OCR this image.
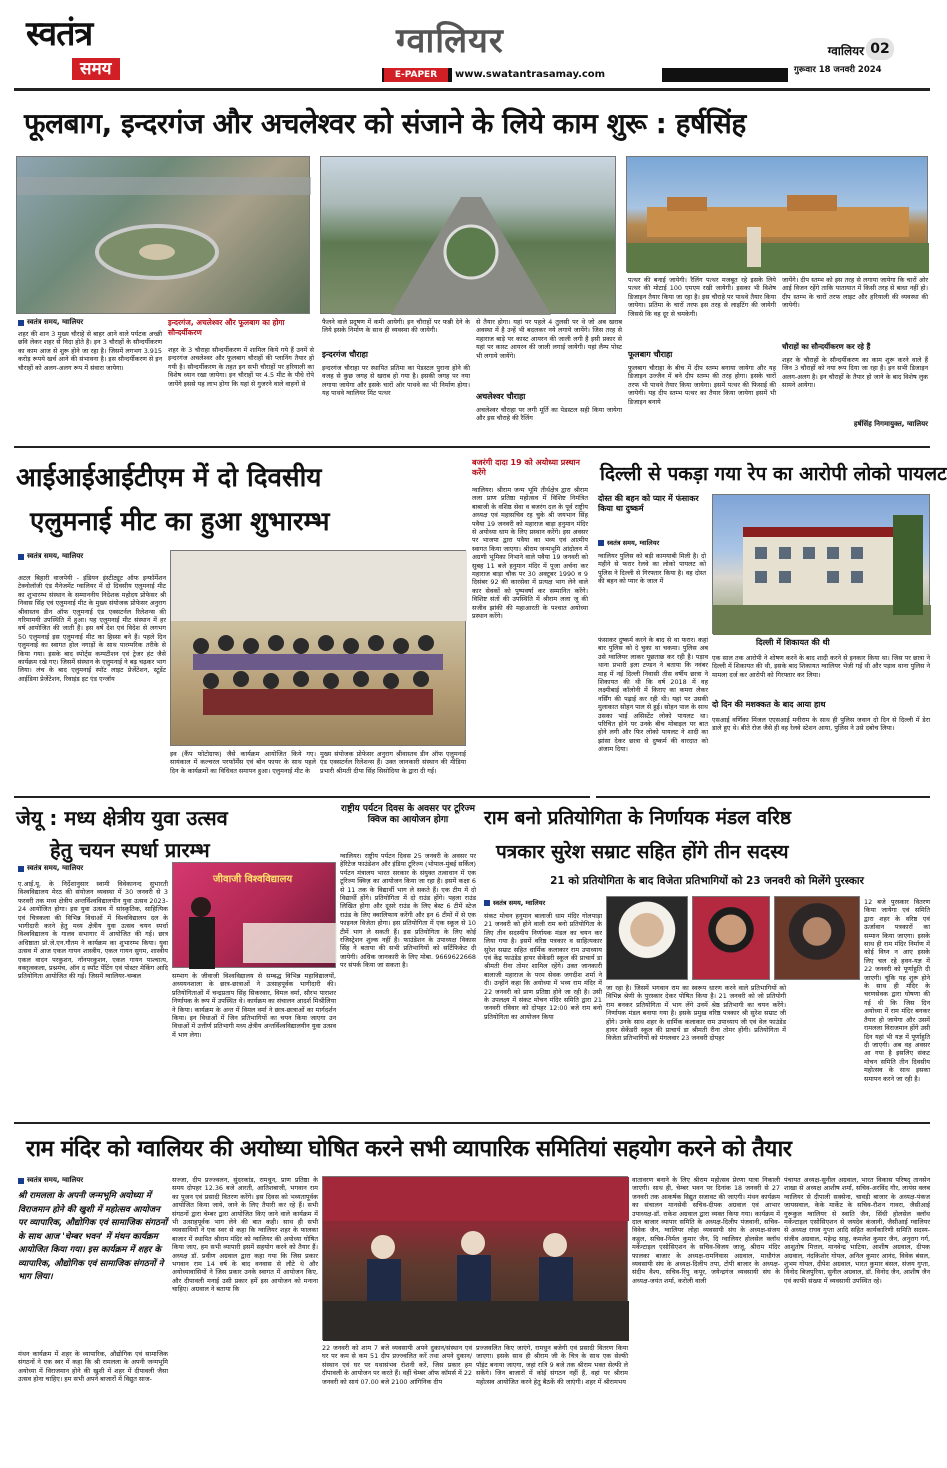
स्वतंत्र
समय
ग्वालियर
E-PAPER	www.swatantrasamay.com
ग्वालियर 02
गुरूवार 18 जनवरी 2024
फूलबाग, इन्दरगंज और अचलेश्वर को संजाने के लिये काम शुरू : हर्षसिंह
स्वतंत्र समय, ग्वालियर
शहर की शान 3 मुख्य चौराहे से बाहर आने वाले पर्यटक अच्छी छवि लेकर शहर से विदा होते है। इन 3 चौराहों के सौन्दर्यीकरण का काम आज से शुरू होने जा रहा है। जिसमें लगभग 3.915 करोड़ रूपये खर्च आने की संभावना है। इस सौन्दर्यीकरण से इन चौराहों को अलग-अलग रूप में संवारा जायेगा।
इन्दरगंज, अचलेश्वर और फूलबाग का होगा सौन्दर्यीकरण
शहर के 3 चौराहा सौन्दर्यीकरण में शामिल किये गये हैं उनमें से इन्दरगंज अचलेश्वर और फूलबाग चौराहों की प्लानिंग तैयार हो गयी है। सौन्दर्यीकरण के तहत इन सभी चौराहों पर हरियाली का विशेष ध्यान रखा जायेगा। इन चौराहों पर 4.5 मीट के पौधे रोपे जायेंगे इससे यह लाभ होगा कि यहां से गुजरने वाले वाहनों से
फैलने वाले प्रदूषण में कमी आयेगी। इन चौराहों पर फन्नी देने के लिये इसके निर्माण के साथ ही व्यवस्था की जायेगी।
इन्दरगंज चौराहा
इन्दरगंज चौराहा पर स्थापित प्रतिमा का पेडस्टल पुराना होने की वजह से कुछ जगह से खराब हो गया है। इसकी जगह पर नया लगाया जायेगा और इसके चारों ओर पाथवे का भी निर्माण होगा। यह पाथवे ग्वालियर मिंट पत्थर
से तैयार होगा। यहां पर पहले 4 तुलसी पर थे जो अब खराब अवस्था में है उन्हें भी बदलकर नये लगाये जायेंगे। जिस तरह से महाराज बाड़े पर कास्ट आयरन की जाली लगी है इसी प्रकार से यहां पर कास्ट आयरन की जाली लगाई जायेगी। यहां लैम्प पोस्ट भी लगाये जायेंगे।
अचलेश्वर चौराहा
अचलेश्वर चौराहा पर लगी मूर्ति का पेडस्टल सही किया जायेगा और इस चौराहे की रैलिंग
पत्थर की बनाई जायेगी। रैलिंग पत्थर मजबूत रहे इसके लिये पत्थर की मोटाई 100 एमएम रखी जायेगी। इसका भी विशेष डिजाइन तैयार किया जा रहा है। इस चौराहे पर पाथवे तैयार किया जायेगा। प्रतिमा के चारों तरफ इस तरह से लाइटिंग की जायेगी जिससे कि वह दूर से चमकेगी।
फूलबाग चौराहा
फूलबाग चौराहा के बीच में दीप स्तम्भ बनाया जायेगा और यह डिजाइन उज्जैन में बने दीप स्तम्भ की तरह होगा। इसके चारों तरफ भी पाथवे तैयार किया जायेगा। इसमें पत्थर की फिसाई की जायेगी। यह दीप स्तम्भ पत्थर का तैयार किया जायेगा इसमें भी डिजाइन बनाये
जायेंगे। दीप स्तम्भ को इस तरह से लगाया जायेगा कि चारों ओर आई विजन रहेंगे ताकि यातायात में किसी तरह से बाधा नहीं हो। दीप स्तम्भ के चारों तरफ लाइट और हरियाली की व्यवस्था की जायेगी।
चौराहों का सौन्दर्यीकरण कर रहे हैं
शहर के चौराहों के सौन्दर्यीकरण का काम शुरू करने वाले हैं जिन 3 चौराहों को नया रूप दिया जा रहा है। इन सभी डिजाइन अलग-अलग है। इन चौराहों के तैयार हो जाने के बाद विशेष लुक सामने आयेगा।
हर्षसिंह निगमायुक्त, ग्वालियर
आईआईआईटीएम में दो दिवसीय
एलुमनाई मीट का हुआ शुभारम्भ
स्वतंत्र समय, ग्वालियर
अटल बिहारी वाजपेयी - इंडियन इंस्टीट्यूट ऑफ इन्फॉर्मेशन टेक्नोलॉजी एंड मैनेजमेंट ग्वालियर में दो दिवसीय एलुमनाई मीट का शुभारम्भ संस्थान के सम्माननीय निदेशक महोदय प्रोफेसर श्री निवास सिंह एवं एलुमनाई मीट के मुख्य संयोजक प्रोफेसर अनुराग श्रीवास्तव डीन ऑफ एलुमनाई एंड एक्सटर्नल रिलेशन्स की गरिमामयी उपस्थिति में हुआ। यह एलुमनाई मीट संस्थान में हर वर्ष आयोजित की जाती है। इस वर्ष देश एवं विदेश से लगभग 50 एलुमनाई इस एलुमनाई मीट का हिस्सा बने हैं। पहले दिन एलुमनाई का स्वागत होल नगाड़ों के साथ पारम्परिक तरीके से किया गया। इसके बाद स्पोर्ट्स कम्पटीशन एवं ट्रेजर हंट जैसे कार्यक्रम रखे गए। जिसमें संस्थान के एलुमनाई ने बढ़ चढ़कर भाग लिया। लंच के बाद एलुमनाई स्पॉट लाइट प्रेजेंटेशन, स्टूडेंट आईडिया प्रेजेंटेशन, रिवाइंड इट एंड एन्जॉय
इव (कैंप फोटोग्राफ) जैसे कार्यक्रम आयोजित किये गए। सायंकाल में कल्चरल परफॉर्मेंस एवं बोन फायर के साथ पहले दिन के कार्यक्रमों का विधिवत समापन हुआ। एलुमनाई मीट के
मुख्य संयोजक प्रोफेसर अनुराग श्रीवास्तव डीन ऑफ एलुमनाई एंड एक्सटर्नल रिलेशन्स हैं। उक्त जानकारी संस्थान की मीडिया प्रभारी श्रीमती दीपा सिंह सिसोदिया के द्वारा दी गई।
बजरंगी दादा 19 को अयोध्या प्रस्थान करेंगे
ग्वालियर। श्रीराम जन्म भूमि तीर्थक्षेत्र द्वारा श्रीराम लला प्राण प्रतिष्ठा महोत्सव में विशिष्ट निमंत्रित बाबाजी के वशिष्ठ सेवा व बजरंग दल के पूर्व राष्ट्रीय अध्यक्ष एवं महासचिव रह चुके श्री जयभान सिंह पवैया 19 जनवरी को महाराज बाड़ा हनुमान मंदिर से अयोध्या धाम के लिए प्रस्थान करेंगे। इस अवसर पर भाजपा द्वारा पवैया का भव्य एवं आत्मीय स्वागत किया जाएगा। श्रीराम जन्मभूमि आंदोलन में अग्रणी भूमिका निभाने वाले पवैया 19 जनवरी को सुबह 11 बजे हनुमान मंदिर में पूजा अर्चना कर महाराज बाड़ा चौक पर 30 अक्टूबर 1990 व 9 दिसंबर 92 की कारसेवा में प्रत्यक्ष भाग लेने वाले कार सेवकों को पुष्पवर्षा कर सम्मानित करेंगे। विशिष्ट संतों की उपस्थिति में श्रीराम लला जू की सजीव झांकी की महाआरती के पश्चात अयोध्या प्रस्थान करेंगे।
दिल्ली से पकड़ा गया रेप का आरोपी लोको पायलट
दोस्त की बहन को प्यार में फंसाकर किया था दुष्कर्म
स्वतंत्र समय, ग्वालियर
ग्वालियर पुलिस को बड़ी कामयाबी मिली है। दो महीने से फरार रेलवे का लोको पायलट को पुलिस ने दिल्ली से गिरफ्तार किया है। वह दोस्त की बहन को प्यार के जाल में
फंसाकर दुष्कर्म करने के बाद से था फरार। कहां बार पुलिस को दे चुका था चकमा। पुलिस अब उसे ग्वालियर लाकर पूछताछ कर रही है। पड़ाव थाना प्रभारी इला टण्डन ने बताया कि नवंबर माह में नई दिल्ली निवासी तीस वर्षीय छात्रा ने शिकायत की थी कि वर्ष 2018 में वह लक्ष्मीबाई कॉलोनी में किराए का कमरा लेकर नर्सिंग की पढ़ाई कर रही थी। यहां पर उसकी मुलाकात सोहन पाल से हुई। सोहन पाल के साथ उसका भाई असिस्टेंट लोको पायलट था। परिचित होने पर उनके बीच मोबाइल पर बात होने लगी और फिर लोको पायलट ने शादी का झांसा देकर छात्रा से दुष्कर्म की वारदात को अंजाम दिया।
दिल्ली में शिकायत की थी
एक साल तक आरोपी ने शोषण करने के बाद शादी करने से इनकार किया था। जिस पर छात्रा ने दिल्ली में शिकायत की थी, इसके बाद शिकायत ग्वालियर भेजी गई थी और पड़ाव थाना पुलिस ने मामला दर्ज कर आरोपी को गिरफ्तार कर लिया।
दो दिन की मशक्कत के बाद आया हाथ
एसआई वर्णिका मिंजल एएसआई मनीराम के साथ ही पुलिस जवान दो दिन से दिल्ली में डेरा डाले हुए थे। बीते रोज जैसे ही वह रेलवे स्टेशन आया, पुलिस ने उसे दबोच लिया।
जेयू : मध्य क्षेत्रीय युवा उत्सव
हेतु चयन स्पर्धा प्रारम्भ
स्वतंत्र समय, ग्वालियर
ए.आई.यू. के निर्देशानुसार स्वामी विवेकानन्द सुभारती विश्वविद्यालय मेरठ की संयोजन व्यवस्था में 30 जनवरी से 3 फरवरी तक मध्य क्षेत्रीय अन्तर्विश्वविद्यालयीन युवा उत्सव 2023-24 आयोजित होगा। इस युवा उत्सव में सांस्कृतिक, साहित्यिक एवं चित्रकला की विभिन्न विधाओं में विश्वविद्यालय दल के भागीदारी करने हेतु मध्य क्षेत्रीय युवा उत्सव चयन स्पर्धा विश्वविद्यालय के गालव सभागार में आयोजित की गई। छात्र अधिष्ठाता प्रो.जे.एन.गौतम ने कार्यक्रम का शुभारम्भ किया। युवा उत्सव में आज एकल गायन शास्त्रीय, एकल गायन सुगम, शास्त्रीय एकल वादन परकुशन, नॉनपरकुशन, एकल गायन पाश्चात्य, वक्तृत्वकला, प्रश्नमंच, ऑन द स्पॉट पेंटिंग एवं पोस्टर मेकिंग आदि प्रतियोगिता आयोजित की गई। जिसमें ग्वालियर-चम्बल
जीवाजी विश्वविद्यालय
सम्भाग के जीवाजी विश्वविद्यालय से सम्बद्ध विभिन्न महाविद्यालयों, अध्ययनशाला के छात्र-छात्राओं ने उत्साहपूर्वक भागीदारी की। प्रतियोगिताओं में चन्द्रप्रताप सिंह सिकरवार, विमल वर्मा, सौरभ पाराशर निर्णायक के रूप में उपस्थित थे। कार्यक्रम का संचालन आदर्श मिश्रीलिया ने किया। कार्यक्रम के अन्त में विमल वर्मा ने छात्र-छात्राओं का मार्गदर्शन किया। इन विधाओं में जिन प्रतिभागियों का चयन किया जाएगा उन विधाओं में उत्तीर्ण प्रतिभागी मध्य क्षेत्रीय अन्तर्विश्वविद्यालयीन युवा उत्सव में भाग लेगा।
राष्ट्रीय पर्यटन दिवस के अवसर पर टूरिज्म क्विज का आयोजन होगा
ग्वालियर। राष्ट्रीय पर्यटन दिवस 25 जनवरी के अवसर पर हेरिटेज फाउंडेशन और इंडिया टूरिज्म (भोपाल-मुंबई सर्किल) पर्यटन मंत्रालय भारत सरकार के संयुक्त तत्वाधान में एक टूरिज्म क्विज़ का आयोजन किया जा रहा है। इसमें कक्षा 6 से 11 तक के विद्यार्थी भाग ले सकते हैं। एक टीम में दो विद्यार्थी होंगे। प्रतियोगिता में दो राउंड होंगे। पहला राउंड लिखित होगा और दूसरे राउंड के लिए बेस्ट 6 टीमें स्टेज राउंड के लिए क्वालिफाय करेंगी और इन 6 टीमों में से एक फाइनल विजेता होगा। इस प्रतियोगिता में एक स्कूल से 10 टीमें भाग ले सकती हैं। इस प्रतियोगिता के लिए कोई रजिस्ट्रेशन शुल्क नहीं है। फाउंडेशन के उपाध्यक्ष विकास सिंह ने बताया की सभी प्रतिभागियों को सर्टिफिकेट दी जायेगी। अधिक जानकारी के लिए मोबा. 9669622668 पर संपर्क किया जा सकता है।
राम बनो प्रतियोगिता के निर्णायक मंडल वरिष्ठ
पत्रकार सुरेश सम्राट सहित होंगे तीन सदस्य
21 को प्रतियोगिता के बाद विजेता प्रतिभागियों को 23 जनवरी को मिलेंगे पुरस्कार
स्वतंत्र समय, ग्वालियर
संकट मोचन हनुमान बालाजी धाम मंदिर गोलपाड़ा 21 जनवरी को होने वाली राम बनो प्रतियोगिता के लिए तीन सदस्यीय निर्णायक मंडल का चयन कर लिया गया है। इसमें वरिष्ठ पत्रकार व साहित्यकार सुरेश सम्राट सहित धार्मिक कलाकार राम उपाध्याय एवं केंद्र फाउंडेड हायर सेकेंडरी स्कूल की प्राचार्य डा श्रीमती रीना तोमर शामिल रहेंगे। उक्त जानकारी बालाजी महाराज के परम सेवक जगदीश शर्मा ने दी। उन्होंने कहा कि अयोध्या में भव्य राम मंदिर में 22 जनवरी को प्राण प्रतिष्ठा होने जा रही है। उसी के उपलक्ष्य में संकट मोचन मंदिर समिति द्वारा 21 जनवरी रविवार को दोपहर 12:00 बजे राम बनो प्रतियोगिता का आयोजन किया
जा रहा है। जिसमें भगवान राम का स्वरूप धारण करने वाले प्रतिभागियों को विभिन्न श्रेणी के पुरस्कार देकर पोषित किया है। 21 जनवरी को जो प्रतियोगी राम बनकर प्रतियोगिता में भाग लेंगे उनमें श्रेष्ठ प्रतिभागी का चयन करेंगे। निर्णायक मंडल बनाया गया है। इसके प्रमुख वरिष्ठ पत्रकार श्री सुरेश सम्राट जी होंगे। उनके साथ शहर के धार्मिक कलाकार राम उपाध्याय जी एवं वेल फाउंडेड हायर सेकेंडरी स्कूल की प्राचार्य डा श्रीमती रीना तोमर होंगी। प्रतियोगिता में विजेता प्रतिभागियों को मंगलवार 23 जनवरी दोपहर
12 बजे पुरस्कार वितरण किया जायेगा एवं समिति द्वारा शहर के वरिष्ठ एवं ऊर्जावान पत्रकारों का सम्मान किया जाएगा। इसके साथ ही राम मंदिर निर्माण में कोई विघ्न न आए इसके लिए चल रहे हवन-यज्ञ में 22 जनवरी को पूर्णाहुति दी जाएगी। चूंकि यह शुरू होने के साथ ही मंदिर के चरणसेवक द्वारा घोषणा की गई थी कि जिस दिन अयोध्या में राम मंदिर बनकर तैयार हो जायेगा और उसमें रामलला विराजमान होंगे उसी दिन यहां भी यज्ञ में पूर्णाहुति दी जाएगी। अब वह अवसर आ गया है इसलिए संकट मोचन समिति तीन दिवसीय महोत्सव के साथ इसका समापन करने जा रही है।
राम मंदिर को ग्वालियर की अयोध्या घोषित करने सभी व्यापारिक समितियां सहयोग करने को तैयार
स्वतंत्र समय, ग्वालियर
श्री रामलला के अपनी जन्मभूमि अयोध्या में विराजमान होने की खुशी में महोत्सव आयोजन पर व्यापारिक, औद्योगिक एवं सामाजिक संगठनों के साथ आज 'चेम्बर भवन' में मंथन कार्यक्रम आयोजित किया गया। इस कार्यक्रम में शहर के व्यापारिक, औद्योगिक एवं सामाजिक संगठनों ने भाग लिया।
मंथन कार्यक्रम में शहर के व्यापारिक, औद्योगिक एवं सामाजिक संगठनों ने एक स्वर में कहा कि श्री रामलला के अपनी जन्मभूमि अयोध्या में विराजमान होने की खुशी में शहर में दीपावली जैसा उत्सव होना चाहिए। हम सभी अपने बाजारों में विद्युत साज-
सज्जा, दीप प्रज्ज्वलन, सुंदरकांड, रामधुन, प्राण प्रतिष्ठा के समय दोपहर 12.36 बजे आरती, आतिशबाजी, भगवान राम का पूजन एवं प्रसादी वितरण करेंगे। इस दिवस को भव्यतापूर्वक आयोजित किया जाये, जाने के लिए तैयारी कर रहे हैं। सभी संगठनों द्वारा चेम्बर द्वारा आयोजित किए जाने वाले कार्यक्रम में भी उत्साहपूर्वक भाग लेने की बात कही। साथ ही सभी व्यवसायियों ने एक स्वर से कहा कि ग्वालियर शहर के फालका बाजार में स्थापित श्रीराम मंदिर को ग्वालियर की अयोध्या घोषित किया जाए, हम सभी व्यापारी इसमें सहयोग करने को तैयार हैं। अध्यक्ष डॉ. प्रवीण अग्रवाल द्वारा कहा गया कि जिस प्रकार भगवान राम 14 वर्ष के बाद वनवास से लौटे थे और अयोध्यावासियों ने जिस प्रकार उनके स्वागत में आयोजन किए, और दीपावली मनाई उसी प्रकार हमें इस आयोजन को मनाना चाहिए। अग्रवाल ने बताया कि
22 जनवरी को शाम 7 बजे व्यवसायी अपने दुकान/संस्थान एवं घर पर कम से कम 51 दीप प्रज्ज्वलित करें तथा अपने दुकान/संस्थान एवं घर पर यथासंभव रोशनी करें, जिस प्रकार हम दीपावली के आयोजन पर करते हैं। वहीं चेम्बर ऑफ कॉमर्स में 22 जनवरी को सायं 07.00 बजे 2100 आंगिनिक दीप
प्रज्जवलित किए जाएंगे, रामधुन बजेगी एवं प्रसादी वितरण किया जाएगा। इसके साथ ही श्रीराम जी के चित्र के साथ एक सेल्फी पॉइंट बनाया जाएगा, जहां रात्रि 9 बजे तक श्रीराम भक्त सेल्फी ले सकेंगे। जिन बाजारों में कोई संगठन नहीं हैं, वहां पर श्रीराम महोत्सव आयोजित करने हेतु बैठकें की जाएंगी। शहर में श्रीरामभय
वातावरण बनाने के लिए श्रीराम महोत्सव प्रेरणा यात्रा निकाली जाएगी। साथ ही, चेम्बर भवन पर दिनांक 18 जनवरी से 27 जनवरी तक आकर्षक विद्युत सजावट की जाएगी। मंथन कार्यक्रम का संचालन मानसेवी सचिव-दीपक अग्रवाल एवं आभार उपाध्यक्ष-डॉ. राकेश अग्रवाल द्वारा व्यक्त किया गया। कार्यक्रम में दाल बाजार व्यापार समिति के अध्यक्ष-दिलीप पंजवानी, सचिव-विवेक जैन, ग्वालियर लोहा व्यवसायी संघ के अध्यक्ष-संजय कट्ठल, सचिव-निर्मल कुमार जैन, दि ग्वालियर होलसेल क्लॉथ मर्केन्टाइल एसोसिएशन के सचिव-विजय जाजू, श्रीराम मंदिर फालका बाजार के अध्यक्ष-रामनिवास अग्रवाल, माधौगंज व्यवसायी संघ के अध्यक्ष-दिलीप तपा, टोपी बाजार के अध्यक्ष-संदीप वैश्य, सचिव-रिंपु कपूर, जयेन्द्रगंज व्यवसायी संघ के अध्यक्ष-जयंत शर्मा, करोली वाली
पंचायत अध्यक्ष-सुनील अग्रवाल, भारत विकास परिषद् तानसेन शाखा से अध्यक्ष आशीष शर्मा, सचिव-अरविंद गौर, लायंस क्लब ग्वालियर से दीपाली सक्सेना, चावड़ी बाजार के अध्यक्ष-पंकज जायसवाल, केके मार्केट के सचिव-रौशन गावरा, जैसीआई गुरूकुल ग्वालियर से स्वाति जैन, सिंधी होलसेल क्लॉथ मर्केन्टाइल एसोसिएशन से जयदेव कंजानी, जैसीआई ग्वालियर से अध्यक्ष राघव गुप्ता आदि सहित कार्यकारिणी समिति सदस्य-संजीव अग्रवाल, महेन्द्र साहू, कमलेश कुमार जैन, अनुराग गर्ग, आशुतोष मित्तल, मानवेन्द्र भाटिया, आशीष अग्रवाल, दीपक अग्रवाल, नंदकिशोर गोयल, अनिल कुमार आनंद, विवेक बंसल, शुभम गोयल, दीपेश अग्रवाल, भारत कुमार बंसल, संजय गुप्ता, विनोद बिजपुरिया, सुनील अग्रवाल, डॉ. विनोद जैन, आशीष जैन एवं काफी संख्या में व्यवसायी उपस्थित रहे।
